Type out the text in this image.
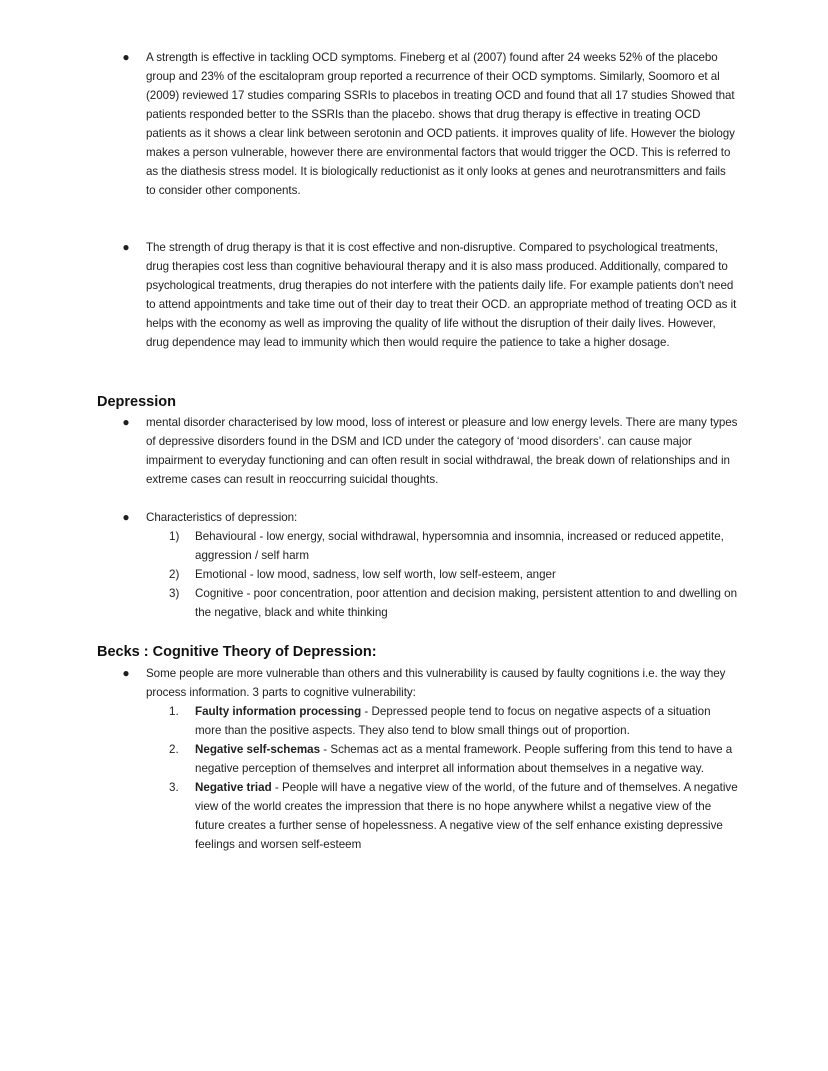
● A strength is effective in tackling OCD symptoms. Fineberg et al (2007) found after 24 weeks 52% of the placebo group and 23% of the escitalopram group reported a recurrence of their OCD symptoms. Similarly, Soomoro et al (2009) reviewed 17 studies comparing SSRIs to placebos in treating OCD and found that all 17 studies Showed that patients responded better to the SSRIs than the placebo. shows that drug therapy is effective in treating OCD patients as it shows a clear link between serotonin and OCD patients. it improves quality of life. However the biology makes a person vulnerable, however there are environmental factors that would trigger the OCD. This is referred to as the diathesis stress model. It is biologically reductionist as it only looks at genes and neurotransmitters and fails to consider other components.

● The strength of drug therapy is that it is cost effective and non-disruptive. Compared to psychological treatments, drug therapies cost less than cognitive behavioural therapy and it is also mass produced. Additionally, compared to psychological treatments, drug therapies do not interfere with the patients daily life. For example patients don't need to attend appointments and take time out of their day to treat their OCD. an appropriate method of treating OCD as it helps with the economy as well as improving the quality of life without the disruption of their daily lives. However, drug dependence may lead to immunity which then would require the patience to take a higher dosage.

Depression
● mental disorder characterised by low mood, loss of interest or pleasure and low energy levels. There are many types of depressive disorders found in the DSM and ICD under the category of ‘mood disorders’. can cause major impairment to everyday functioning and can often result in social withdrawal, the break down of relationships and in extreme cases can result in reoccurring suicidal thoughts.

● Characteristics of depression:

1)	Behavioural - low energy, social withdrawal, hypersomnia and insomnia, increased or reduced appetite, aggression / self harm
2)	Emotional - low mood, sadness, low self worth, low self-esteem, anger
3)	Cognitive - poor concentration, poor attention and decision making, persistent attention to and dwelling on the negative, black and white thinking
Becks : Cognitive Theory of Depression:
● Some people are more vulnerable than others and this vulnerability is caused by faulty cognitions i.e. the way they process information. 3 parts to cognitive vulnerability:

1.	Faulty information processing - Depressed people tend to focus on negative aspects of a situation more than the positive aspects. They also tend to blow small things out of proportion.
2.	Negative self-schemas - Schemas act as a mental framework. People suffering from this tend to have a negative perception of themselves and interpret all information about themselves in a negative way.
3.	Negative triad - People will have a negative view of the world, of the future and of themselves. A negative view of the world creates the impression that there is no hope anywhere whilst a negative view of the future creates a further sense of hopelessness. A negative view of the self enhance existing depressive feelings and worsen self-esteem
